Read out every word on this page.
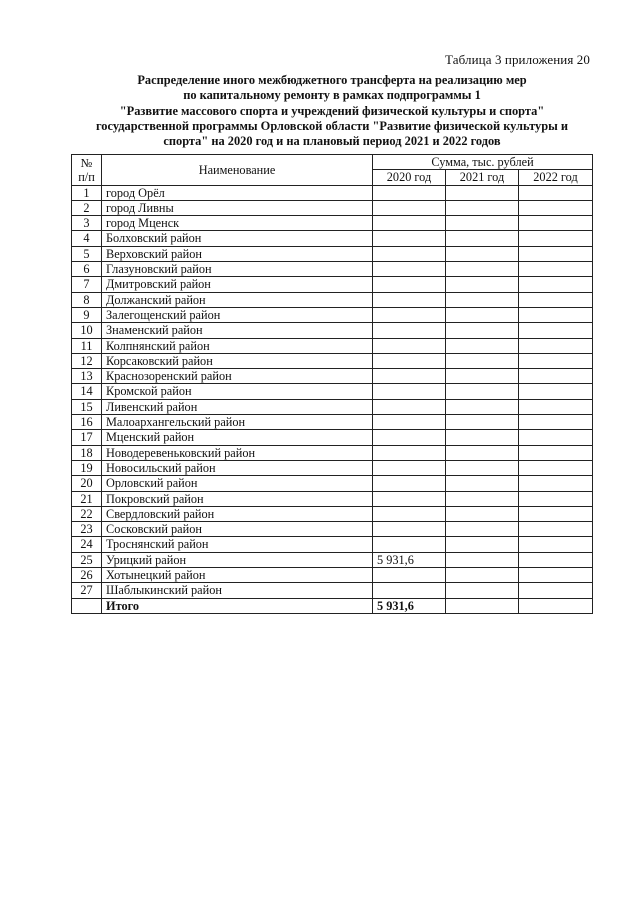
Таблица 3 приложения 20
Распределение иного межбюджетного трансферта на реализацию мер
по капитальному ремонту в рамках подпрограммы 1
"Развитие массового спорта и учреждений физической культуры и спорта"
государственной программы Орловской области "Развитие физической культуры и
спорта" на 2020 год и на плановый период 2021 и 2022 годов
№
п/п	Наименование	Сумма, тыс. рублей		
		2020 год	2021 год	2022 год
1	город Орёл			
2	город Ливны			
3	город Мценск			
4	Болховский район			
5	Верховский район			
6	Глазуновский район			
7	Дмитровский район			
8	Должанский район			
9	Залегощенский район			
10	Знаменский район			
11	Колпнянский район			
12	Корсаковский район			
13	Краснозоренский район			
14	Кромской район			
15	Ливенский район			
16	Малоархангельский район			
17	Мценский район			
18	Новодеревеньковский район			
19	Новосильский район			
20	Орловский район			
21	Покровский район			
22	Свердловский район			
23	Сосковский район			
24	Троснянский район			
25	Урицкий район	5 931,6		
26	Хотынецкий район			
27	Шаблыкинский район			
	Итого	5 931,6		
